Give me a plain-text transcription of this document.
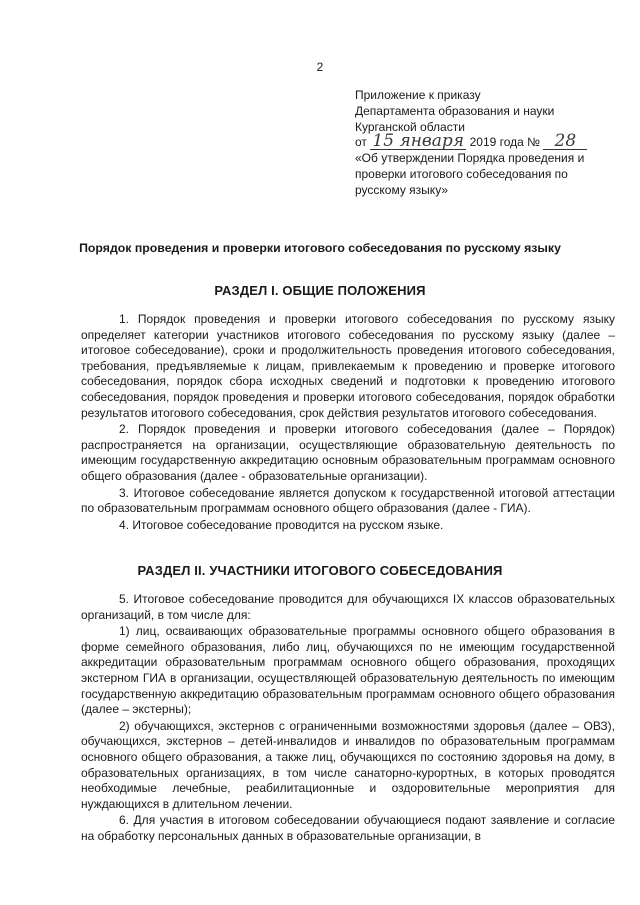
2
Приложение к приказу
Департамента образования и науки
Курганской области
от 15 января 2019 года № 28
«Об утверждении Порядка проведения и проверки итогового собеседования по русскому языку»
Порядок проведения и проверки итогового собеседования по русскому языку
РАЗДЕЛ I. ОБЩИЕ ПОЛОЖЕНИЯ

1. Порядок проведения и проверки итогового собеседования по русскому языку определяет категории участников итогового собеседования по русскому языку (далее – итоговое собеседование), сроки и продолжительность проведения итогового собеседования, требования, предъявляемые к лицам, привлекаемым к проведению и проверке итогового собеседования, порядок сбора исходных сведений и подготовки к проведению итогового собеседования, порядок проведения и проверки итогового собеседования, порядок обработки результатов итогового собеседования, срок действия результатов итогового собеседования.

2. Порядок проведения и проверки итогового собеседования (далее – Порядок) распространяется на организации, осуществляющие образовательную деятельность по имеющим государственную аккредитацию основным образовательным программам основного общего образования (далее - образовательные организации).

3. Итоговое собеседование является допуском к государственной итоговой аттестации по образовательным программам основного общего образования (далее - ГИА).

4. Итоговое собеседование проводится на русском языке.

РАЗДЕЛ II. УЧАСТНИКИ ИТОГОВОГО СОБЕСЕДОВАНИЯ

5. Итоговое собеседование проводится для обучающихся IX классов образовательных организаций, в том числе для:

1) лиц, осваивающих образовательные программы основного общего образования в форме семейного образования, либо лиц, обучающихся по не имеющим государственной аккредитации образовательным программам основного общего образования, проходящих экстерном ГИА в организации, осуществляющей образовательную деятельность по имеющим государственную аккредитацию образовательным программам основного общего образования (далее – экстерны);

2) обучающихся, экстернов с ограниченными возможностями здоровья (далее – ОВЗ), обучающихся, экстернов – детей-инвалидов и инвалидов по образовательным программам основного общего образования, а также лиц, обучающихся по состоянию здоровья на дому, в образовательных организациях, в том числе санаторно-курортных, в которых проводятся необходимые лечебные, реабилитационные и оздоровительные мероприятия для нуждающихся в длительном лечении.

6. Для участия в итоговом собеседовании обучающиеся подают заявление и согласие на обработку персональных данных в образовательные организации, в
